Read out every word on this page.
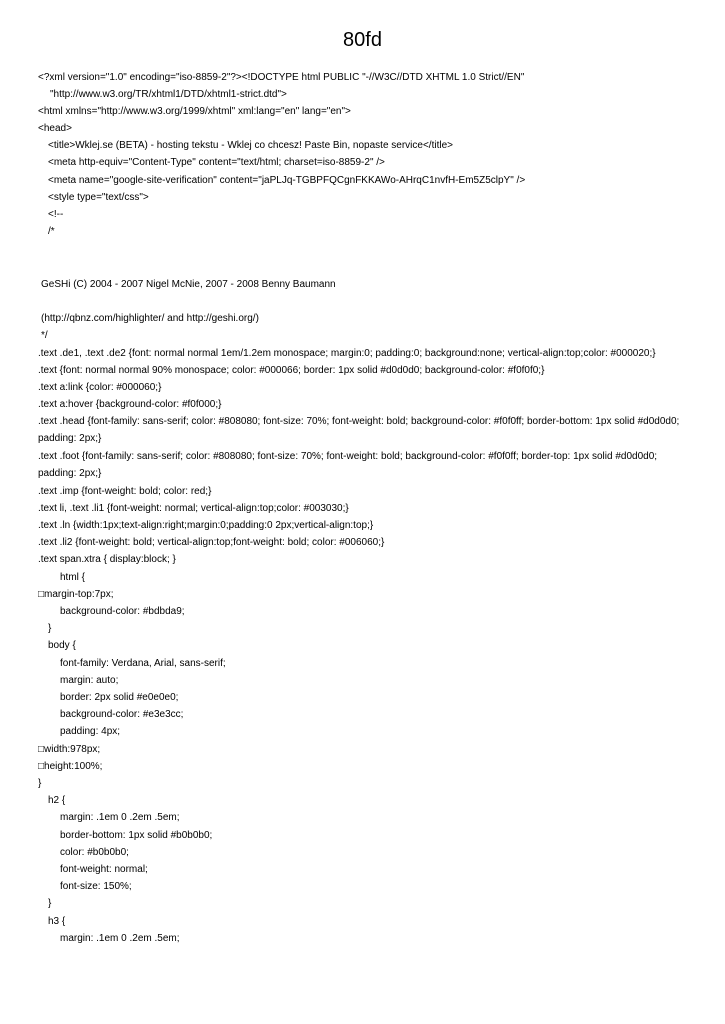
80fd
<?xml version="1.0" encoding="iso-8859-2"?><!DOCTYPE html PUBLIC "-//W3C//DTD XHTML 1.0 Strict//EN"
"http://www.w3.org/TR/xhtml1/DTD/xhtml1-strict.dtd">
<html xmlns="http://www.w3.org/1999/xhtml" xml:lang="en" lang="en">
<head>
<title>Wklej.se (BETA) - hosting tekstu - Wklej co chcesz! Paste Bin, nopaste service</title>
<meta http-equiv="Content-Type" content="text/html; charset=iso-8859-2" />
<meta name="google-site-verification" content="jaPLJq-TGBPFQCgnFKKAWo-AHrqC1nvfH-Em5Z5clpY" />
<style type="text/css">
<!--
/*
GeSHi (C) 2004 - 2007 Nigel McNie, 2007 - 2008 Benny Baumann
(http://qbnz.com/highlighter/ and http://geshi.org/)
*/
.text .de1, .text .de2 {font: normal normal 1em/1.2em monospace; margin:0; padding:0; background:none; vertical-align:top;color: #000020;}
.text {font: normal normal 90% monospace; color: #000066; border: 1px solid #d0d0d0; background-color: #f0f0f0;}
.text a:link {color: #000060;}
.text a:hover {background-color: #f0f000;}
.text .head {font-family: sans-serif; color: #808080; font-size: 70%; font-weight: bold; background-color: #f0f0ff; border-bottom: 1px solid #d0d0d0; padding: 2px;}
.text .foot {font-family: sans-serif; color: #808080; font-size: 70%; font-weight: bold; background-color: #f0f0ff; border-top: 1px solid #d0d0d0; padding: 2px;}
.text .imp {font-weight: bold; color: red;}
.text li, .text .li1 {font-weight: normal; vertical-align:top;color: #003030;}
.text .ln {width:1px;text-align:right;margin:0;padding:0 2px;vertical-align:top;}
.text .li2 {font-weight: bold; vertical-align:top;font-weight: bold; color: #006060;}
.text span.xtra { display:block; }
html {
□margin-top:7px;
background-color: #bdbda9;
}
body {
font-family: Verdana, Arial, sans-serif;
margin: auto;
border: 2px solid #e0e0e0;
background-color: #e3e3cc;
padding: 4px;
□width:978px;
□height:100%;
}
h2 {
margin: .1em 0 .2em .5em;
border-bottom: 1px solid #b0b0b0;
color: #b0b0b0;
font-weight: normal;
font-size: 150%;
}
h3 {
margin: .1em 0 .2em .5em;
